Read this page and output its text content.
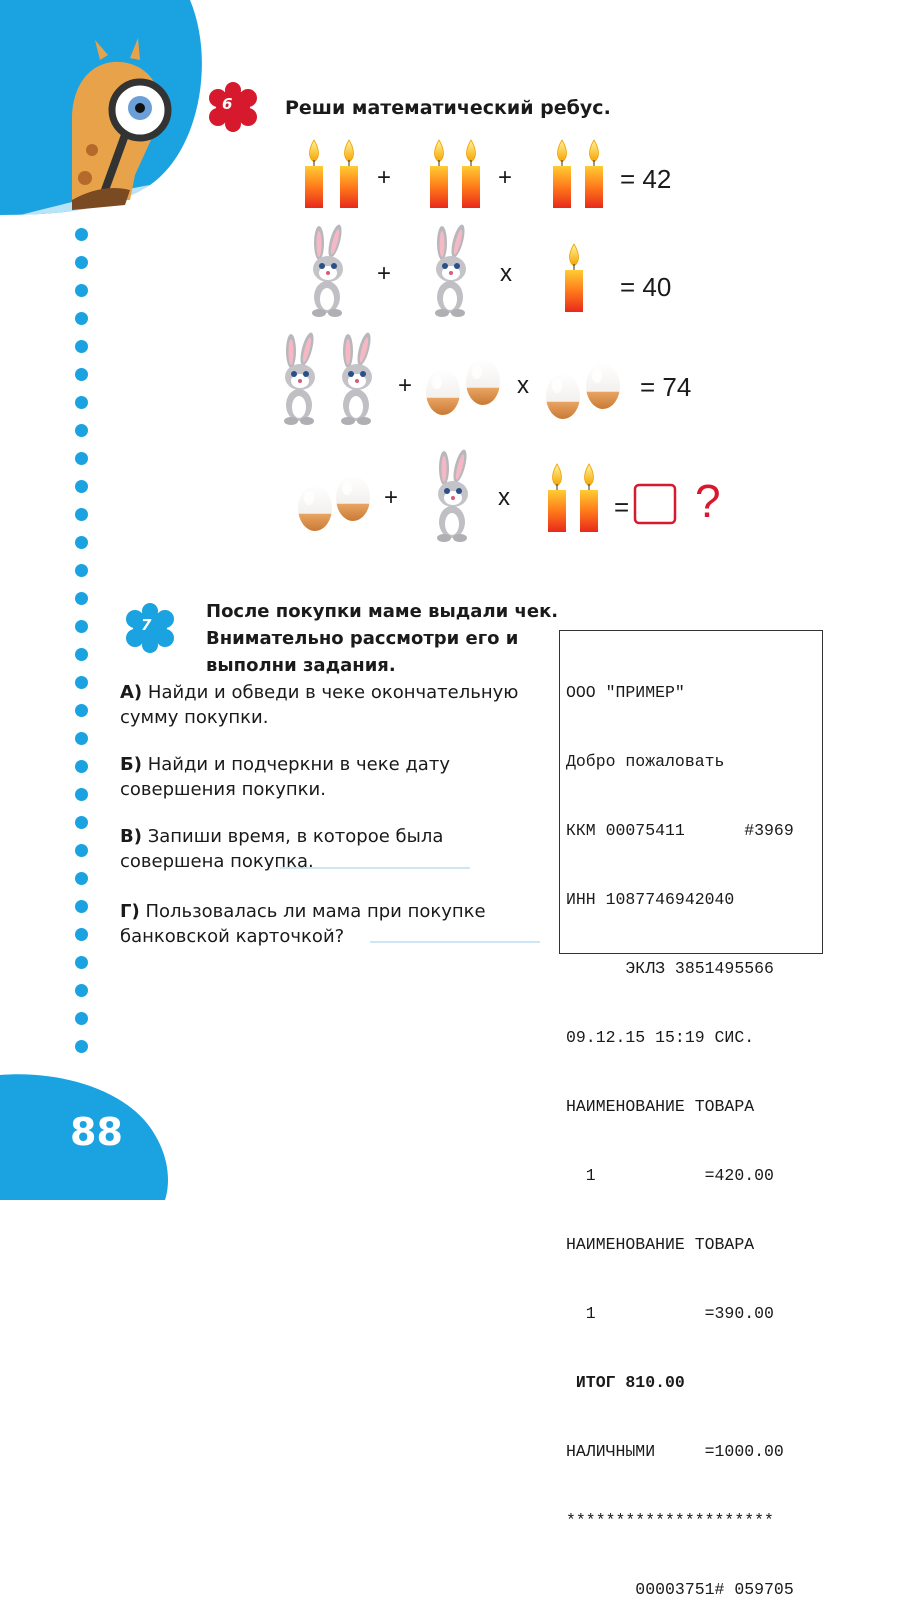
88
6	Реши математический ребус.
+	+	= 42
+	x	= 40
+	x	= 74
+	x	= ?
7
После покупки маме выдали чек.
Внимательно рассмотри его и
выполни задания.
А) Найди и обведи в чеке окончательную сумму покупки.
Б) Найди и подчеркни в чеке дату совершения покупки.
В) Запиши время, в которое была совершена покупка.
Г) Пользовалась ли мама при покупке банковской карточкой?

ООО "ПРИМЕР"

Добро пожаловать

ККМ 00075411      #3969

ИНН 1087746942040

ЭКЛЗ 3851495566

09.12.15 15:19 СИС.

НАИМЕНОВАНИЕ ТОВАРА

1           =420.00

НАИМЕНОВАНИЕ ТОВАРА

1           =390.00

ИТОГ 810.00

НАЛИЧНЫМИ     =1000.00

*********************

00003751# 059705
